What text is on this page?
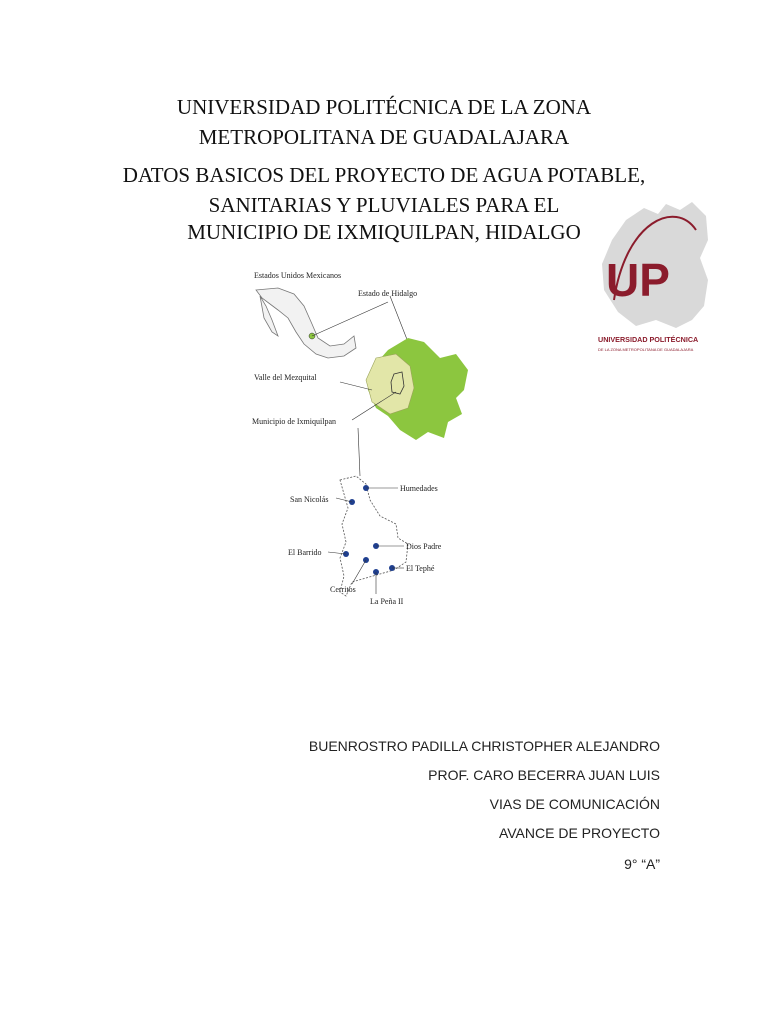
UNIVERSIDAD POLITÉCNICA DE LA ZONA METROPOLITANA DE GUADALAJARA
DATOS BASICOS DEL PROYECTO DE AGUA POTABLE, SANITARIAS Y PLUVIALES PARA EL
MUNICIPIO DE IXMIQUILPAN, HIDALGO
UP
UNIVERSIDAD POLITÉCNICA
DE LA ZONA METROPOLITANA DE GUADALAJARA
Estados Unidos Mexicanos
Estado de Hidalgo
Valle del Mezquital
Municipio de Ixmiquilpan
Humedades
San Nicolás
Dios Padre
El Barrido
El Tephé
Cerritos
La Peña II

BUENROSTRO PADILLA CHRISTOPHER ALEJANDRO

PROF. CARO BECERRA JUAN LUIS

VIAS DE COMUNICACIÓN

AVANCE DE PROYECTO

9° “A”
